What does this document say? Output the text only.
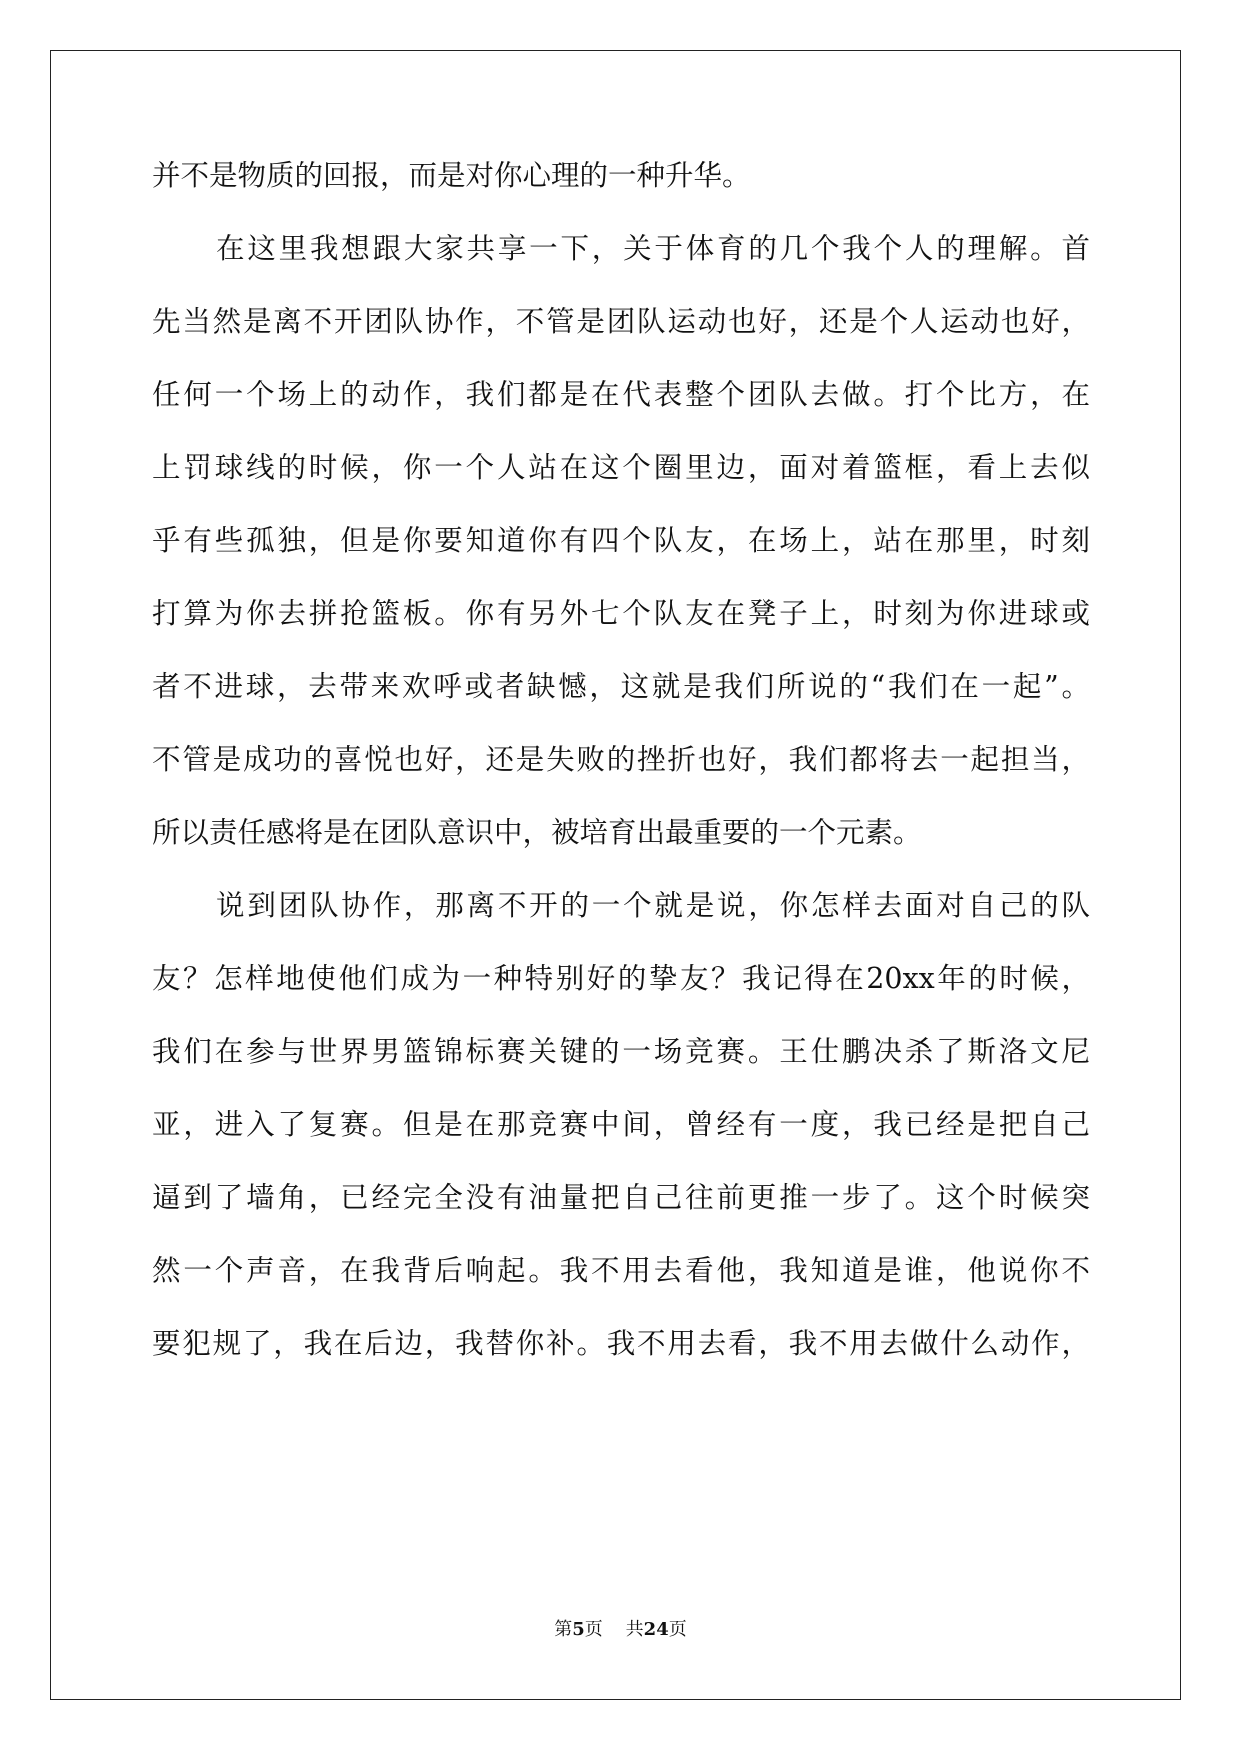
并不是物质的回报，而是对你心理的一种升华。
在这里我想跟大家共享一下，关于体育的几个我个人的理解。首
先当然是离不开团队协作，不管是团队运动也好，还是个人运动也好，
任何一个场上的动作，我们都是在代表整个团队去做。打个比方，在
上罚球线的时候，你一个人站在这个圈里边，面对着篮框，看上去似
乎有些孤独，但是你要知道你有四个队友，在场上，站在那里，时刻
打算为你去拼抢篮板。你有另外七个队友在凳子上，时刻为你进球或
者不进球，去带来欢呼或者缺憾，这就是我们所说的“我们在一起”。
不管是成功的喜悦也好，还是失败的挫折也好，我们都将去一起担当，
所以责任感将是在团队意识中，被培育出最重要的一个元素。
说到团队协作，那离不开的一个就是说，你怎样去面对自己的队
友？怎样地使他们成为一种特别好的挚友？我记得在20xx年的时候，
我们在参与世界男篮锦标赛关键的一场竞赛。王仕鹏决杀了斯洛文尼
亚，进入了复赛。但是在那竞赛中间，曾经有一度，我已经是把自己
逼到了墙角，已经完全没有油量把自己往前更推一步了。这个时候突
然一个声音，在我背后响起。我不用去看他，我知道是谁，他说你不
要犯规了，我在后边，我替你补。我不用去看，我不用去做什么动作，
第5页 共24页
